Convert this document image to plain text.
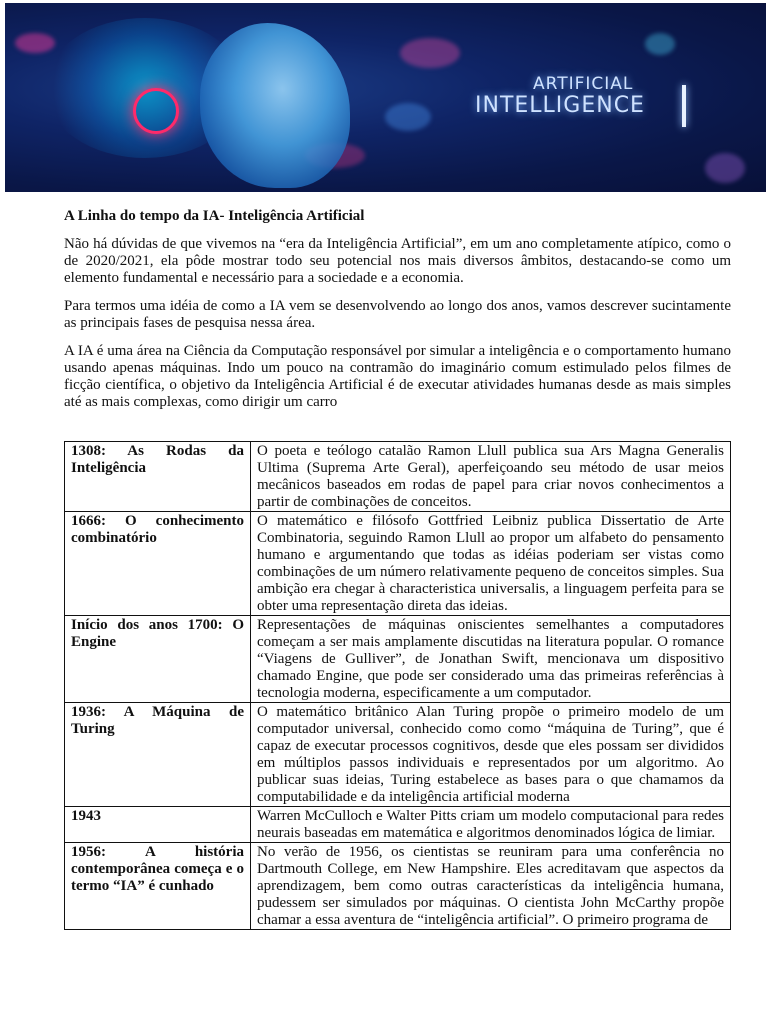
ARTIFICIAL
INTELLIGENCE

A Linha do tempo da IA- Inteligência Artificial

Não há dúvidas de que vivemos na “era da Inteligência Artificial”, em um ano completamente atípico, como o de 2020/2021, ela pôde mostrar todo seu potencial nos mais diversos âmbitos, destacando-se como um elemento fundamental e necessário para a sociedade e a economia.

Para termos uma idéia de como a IA vem se desenvolvendo ao longo dos anos, vamos descrever sucintamente as principais fases de pesquisa nessa área.

A IA é uma área na Ciência da Computação responsável por simular a inteligência e o comportamento humano usando apenas máquinas. Indo um pouco na contramão do imaginário comum estimulado pelos filmes de ficção científica, o objetivo da Inteligência Artificial é de executar atividades humanas desde as mais simples até as mais complexas, como dirigir um carro

1308: As Rodas da Inteligência	O poeta e teólogo catalão Ramon Llull publica sua Ars Magna Generalis Ultima (Suprema Arte Geral), aperfeiçoando seu método de usar meios mecânicos baseados em rodas de papel para criar novos conhecimentos a partir de combinações de conceitos.
1666: O conhecimento combinatório	O matemático e filósofo Gottfried Leibniz publica Dissertatio de Arte Combinatoria, seguindo Ramon Llull ao propor um alfabeto do pensamento humano e argumentando que todas as idéias poderiam ser vistas como combinações de um número relativamente pequeno de conceitos simples. Sua ambição era chegar à characteristica universalis, a linguagem perfeita para se obter uma representação direta das ideias.
Início dos anos 1700: O Engine	Representações de máquinas oniscientes semelhantes a computadores começam a ser mais amplamente discutidas na literatura popular. O romance “Viagens de Gulliver”, de Jonathan Swift, mencionava um dispositivo chamado Engine, que pode ser considerado uma das primeiras referências à tecnologia moderna, especificamente a um computador.
1936: A Máquina de Turing	O matemático britânico Alan Turing propõe o primeiro modelo de um computador universal, conhecido como como “máquina de Turing”, que é capaz de executar processos cognitivos, desde que eles possam ser divididos em múltiplos passos individuais e representados por um algoritmo. Ao publicar suas ideias, Turing estabelece as bases para o que chamamos da computabilidade e da inteligência artificial moderna
1943	Warren McCulloch e Walter Pitts criam um modelo computacional para redes neurais baseadas em matemática e algoritmos denominados lógica de limiar.
1956: A história contemporânea começa e o termo “IA” é cunhado	No verão de 1956, os cientistas se reuniram para uma conferência no Dartmouth College, em New Hampshire. Eles acreditavam que aspectos da aprendizagem, bem como outras características da inteligência humana, pudessem ser simulados por máquinas. O cientista John McCarthy propõe chamar a essa aventura de “inteligência artificial”. O primeiro programa de
